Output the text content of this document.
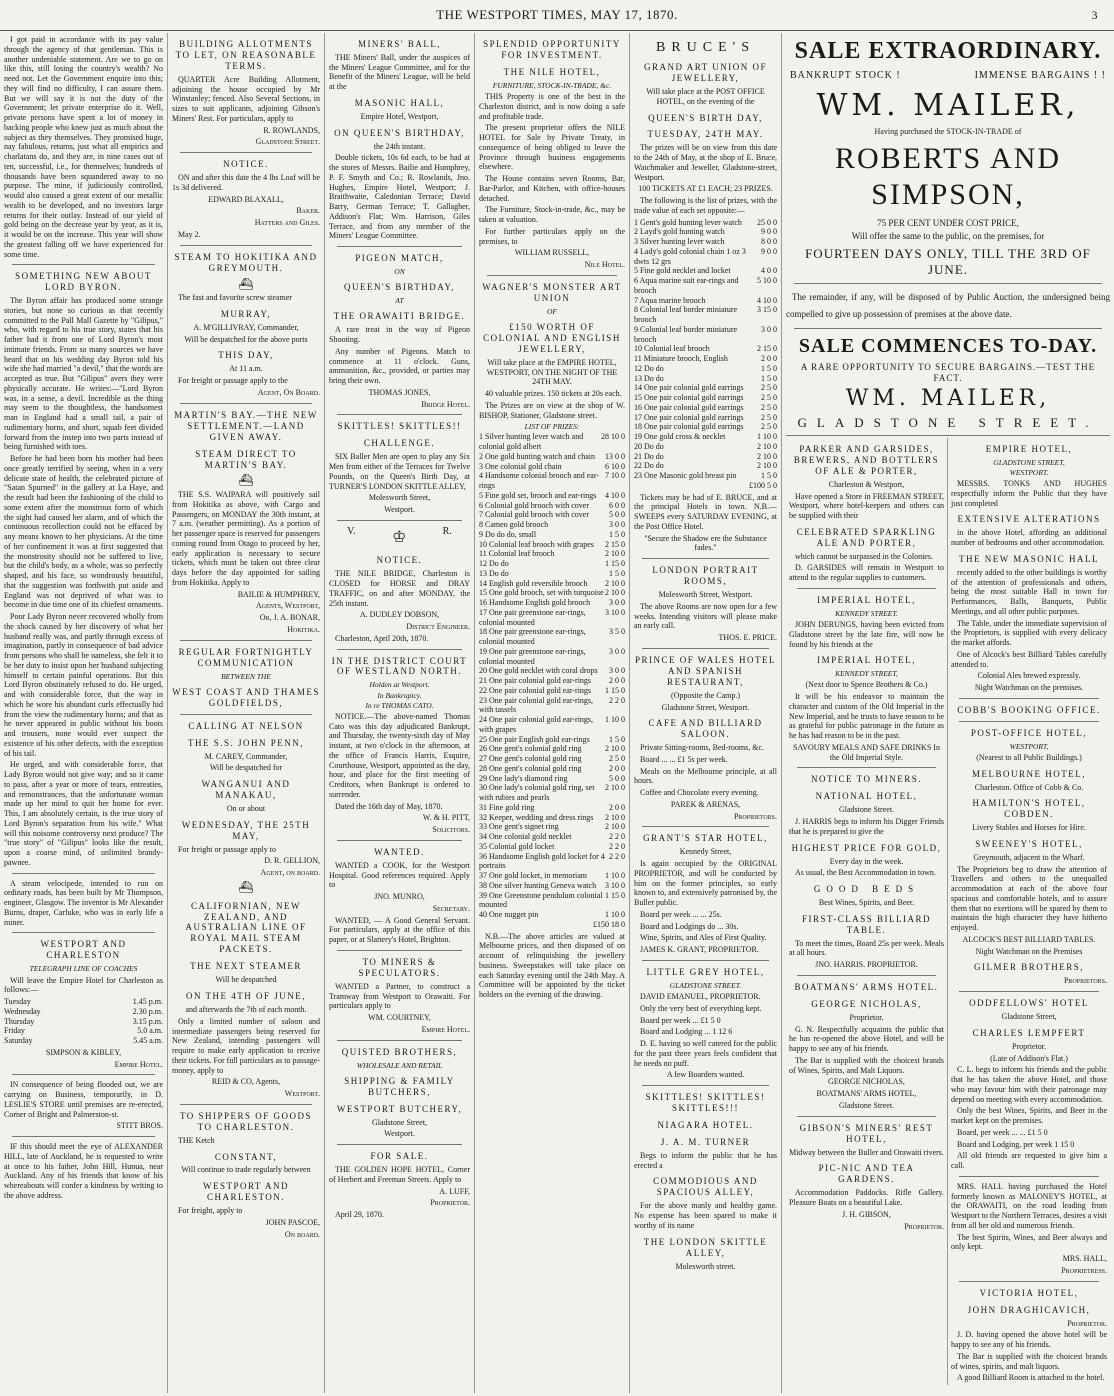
THE WESTPORT TIMES, MAY 17, 1870.	3

I got paid in accordance with its pay value through the agency of that gentleman. This is another undeniable statement. Are we to go on like this, still losing the country's wealth? No need not. Let the Government enquire into this; they will find no difficulty, I can assure them. But we will say it is not the duty of the Government; let private enterprise do it. Well, private persons have spent a lot of money in backing people who knew just as much about the subject as they themselves. They promised huge, nay fabulous, returns, just what all empirics and charlatans do, and they are, in nine cases out of ten, successful, i.e., for themselves; hundreds of thousands have been squandered away to no purpose. The mine, if judiciously controlled, would also caused a great extent of our metallic wealth to be developed, and no investors large returns for their outlay. Instead of our yield of gold being on the decrease year by year, as it is, it would be on the increase. This year will show the greatest falling off we have experienced for some time.

SOMETHING NEW ABOUT LORD BYRON.

The Byron affair has produced some strange stories, but none so curious as that recently committed to the Pall Mall Gazette by "Gilipus," who, with regard to his true story, states that his father had it from one of Lord Byron's most intimate friends. From so many sources we have heard that on his wedding day Byron told his wife she had married "a devil," that the words are accepted as true. But "Gilipus" avers they were physically accurate. He writes:—"Lord Byron was, in a sense, a devil. Incredible as the thing may seem to the thoughtless, the handsomest man in England had a small tail, a pair of rudimentary horns, and short, squab feet divided forward from the instep into two parts instead of being furnished with toes.

Before he had been born his mother had been once greatly terrified by seeing, when in a very delicate state of health, the celebrated picture of "Satan Spurned" in the gallery at La Haye, and the result had been the fashioning of the child to some extent after the monstrous form of which the sight had caused her alarm, and of which the continuous recollection could not be effaced by any means known to her physicians. At the time of her confinement it was at first suggested that the monstrosity should not be suffered to live, but the child's body, as a whole, was so perfectly shaped, and his face, so wondrously beautiful, that the suggestion was forthwith put aside and England was not deprived of what was to become in due time one of its chiefest ornaments.

Poor Lady Byron never recovered wholly from the shock caused by her discovery of what her husband really was, and partly through excess of imagination, partly in consequence of bad advice from persons who shall be nameless, she felt it to be her duty to insist upon her husband subjecting himself to certain painful operations. But this Lord Byron obstinately refused to do. He urged, and with considerable force, that the way in which he wore his abundant curls effectually hid from the view the rudimentary horns; and that as he never appeared in public without his boots and trousers, none would ever suspect the existence of his other defects, with the exception of his tail.

He urged, and with considerable force, that Lady Byron would not give way; and so it came to pass, after a year or more of tears, entreaties, and remonstrances, that the unfortunate woman made up her mind to quit her home for ever. This, I am absolutely certain, is the true story of Lord Byron's separation from his wife." What will this noisome controversy next produce? The "true story" of "Gilipus" looks like the result, upon a coarse mind, of unlimited brandy-pawnee.

A steam velocipede, intended to run on ordinary roads, has been built by Mr Thompson, engineer, Glasgow. The inventor is Mr Alexander Burns, draper, Carluke, who was in early life a miner.

WESTPORT AND CHARLESTON
TELEGRAPH LINE OF COACHES

Will leave the Empire Hotel for Charleston as follows:—

Tuesday	1.45 p.m.
Wednesday	2.30 p.m.
Thursday	3.15 p.m.
Friday	5.0 a.m.
Saturday	5.45 a.m.

SIMPSON & KIBLEY,

Empire Hotel.

IN consequence of being flooded out, we are carrying on Business, temporarily, in D. LESLIE'S STORE until premises are re-erected, Corner of Bright and Palmerston-st.

STITT BROS.

IF this should meet the eye of ALEXANDER HILL, late of Auckland, he is requested to write at once to his father, John Hill, Hunua, near Auckland. Any of his friends that know of his whereabouts will confer a kindness by writing to the above address.

BUILDING ALLOTMENTS TO LET, ON REASONABLE TERMS.

QUARTER Acre Building Allotment, adjoining the house occupied by Mr Winstanley; fenced. Also Several Sections, in sizes to suit applicants, adjoining Gibson's Miners' Rest. For particulars, apply to

R. ROWLANDS,

Gladstone Street.

NOTICE.

ON and after this date the 4 lbs Loaf will be 1s 3d delivered.

EDWARD BLAXALL,

Baker.

Hatters and Giles.

May 2.

STEAM TO HOKITIKA AND GREYMOUTH.
⛴

The fast and favorite screw steamer

MURRAY,

A. M'GILLIVRAY, Commander,

Will be despatched for the above ports

THIS DAY,

At 11 a.m.

For freight or passage apply to the

Agent, On Board.

MARTIN'S BAY.—THE NEW SETTLEMENT.—LAND GIVEN AWAY.
STEAM DIRECT TO MARTIN'S BAY.
⛴

THE S.S. WAIPARA will positively sail from Hokitika as above, with Cargo and Passengers, on MONDAY the 30th instant, at 7 a.m. (weather permitting). As a portion of her passenger space is reserved for passengers coming round from Otago to proceed by her, early application is necessary to secure tickets, which must be taken out three clear days before the day appointed for sailing from Hokitika. Apply to

BAILIE & HUMPHREY,

Agents, Westport,

Or, J. A. BONAR,

Hokitika.

REGULAR FORTNIGHTLY COMMUNICATION
BETWEEN THE
WEST COAST AND THAMES GOLDFIELDS,
CALLING AT NELSON
THE S.S. JOHN PENN,

M. CAREY, Commander,

Will be despatched for

WANGANUI AND MANAKAU,

On or about

WEDNESDAY, THE 25TH MAY,

For freight or passage apply to

D. R. GELLION,

Agent, on board.

⛴
CALIFORNIAN, NEW ZEALAND, AND AUSTRALIAN LINE OF ROYAL MAIL STEAM PACKETS.
THE NEXT STEAMER

Will be despatched

ON THE 4TH OF JUNE,

and afterwards the 7th of each month.

Only a limited number of saloon and intermediate passengers being reserved for New Zealand, intending passengers will require to make early application to receive their tickets. For full particulars as to passage-money, apply to

REID & CO, Agents,

Westport.

TO SHIPPERS OF GOODS TO CHARLESTON.

THE Ketch

CONSTANT,

Will continue to trade regularly between

WESTPORT AND CHARLESTON.

For freight, apply to

JOHN PASCOE,

On board.

MINERS' BALL,

THE Miners' Ball, under the auspices of the Miners' League Committee, and for the Benefit of the Miners' League, will be held at the

MASONIC HALL,

Empire Hotel, Westport,

ON QUEEN'S BIRTHDAY,

the 24th instant.

Double tickets, 10s 6d each, to be had at the stores of Messrs. Bailie and Humphrey, P. F. Smyth and Co.; R. Rowlands, Jno. Hughes, Empire Hotel, Westport; J. Braithwaite, Caledonian Terrace; David Barry, German Terrace; T. Gallagher, Addison's Flat; Wm. Harrison, Giles Terrace, and from any member of the Miners' League Committee.

PIGEON MATCH,
ON
QUEEN'S BIRTHDAY,
AT
THE ORAWAITI BRIDGE.

A rare treat in the way of Pigeon Shooting.

Any number of Pigeons. Match to commence at 11 o'clock. Guns, ammunition, &c., provided, or parties may bring their own.

THOMAS JONES,

Bridge Hotel.

SKITTLES! SKITTLES!!
CHALLENGE.

SIX Baller Men are open to play any Six Men from either of the Terraces for Twelve Pounds, on the Queen's Birth Day, at TURNER'S LONDON SKITTLE ALLEY,

Molesworth Street,

Westport.

V. ♔	R.
NOTICE.

THE NILE BRIDGE, Charleston is CLOSED for HORSE and DRAY TRAFFIC, on and after MONDAY, the 25th instant.

A. DUDLEY DOBSON,

District Engineer.

Charleston, April 20th, 1870.

IN THE DISTRICT COURT OF WESTLAND NORTH.
Holden at Westport.
In Bankruptcy.
In re THOMAS CATO.

NOTICE.—The above-named Thomas Cato was this day adjudicated Bankrupt, and Thursday, the twenty-sixth day of May instant, at two o'clock in the afternoon, at the office of Francis Harris, Esquire, Courthouse, Westport, appointed as the day, hour, and place for the first meeting of Creditors, when Bankrupt is ordered to surrender.

Dated the 16th day of May, 1870.

W. & H. PITT,

Solicitors.

WANTED.

WANTED a COOK, for the Westport Hospital. Good references required. Apply to

JNO. MUNRO,

Secretary.

WANTED, — A Good General Servant. For particulars, apply at the office of this paper, or at Slattery's Hotel, Brighton.

TO MINERS & SPECULATORS.

WANTED a Partner, to construct a Tramway from Westport to Orawaiti. For particulars apply to

WM. COURTNEY,

Empire Hotel.

QUISTED BROTHERS,
WHOLESALE AND RETAIL
SHIPPING & FAMILY BUTCHERS,
WESTPORT BUTCHERY,

Gladstone Street,

Westport.

FOR SALE.

THE GOLDEN HOPE HOTEL, Corner of Herbert and Freeman Streets. Apply to

A. LUFF,

Proprietor.

April 29, 1870.

SPLENDID OPPORTUNITY FOR INVESTMENT.
THE NILE HOTEL,
FURNITURE, STOCK-IN-TRADE, &c.

THIS Property is one of the best in the Charleston district, and is now doing a safe and profitable trade.

The present proprietor offers the NILE HOTEL for Sale by Private Treaty, in consequence of being obliged to leave the Province through business engagements elsewhere.

The House contains seven Rooms, Bar, Bar-Parlor, and Kitchen, with office-houses detached.

The Furniture, Stock-in-trade, &c., may be taken at valuation.

For further particulars apply on the premises, to

WILLIAM RUSSELL,

Nile Hotel.

WAGNER'S MONSTER ART UNION
OF
£150 WORTH OF COLONIAL AND ENGLISH JEWELLERY,

Will take place at the EMPIRE HOTEL, WESTPORT, ON THE NIGHT OF THE 24TH MAY.

40 valuable prizes. 150 tickets at 20s each.

The Prizes are on view at the shop of W. BISHOP, Stationer, Gladstone street.

LIST OF PRIZES:
1 Silver hunting lever watch and colonial gold albert
28 10 0
2 One gold hunting watch and chain 13 0 0
3 One colonial gold chain	6 10 0
4 Handsome colonial brooch and ear-rings
7 10 0
5 Fine gold set, brooch and ear-rings 4 10 0
6 Colonial gold brooch with cover	6 0 0
7 Colonial gold brooch with cover	5 0 0
8 Cameo gold brooch	3 0 0
9 Do do do, small	1 5 0
10 Colonial leaf brooch with grapes 2 15 0
11 Colonial leaf brooch	2 10 0
12 Do do	1 15 0
13 Do do	1 5 0
14 English gold reversible brooch 2 10 0
15 One gold brooch, set with turquoise 2 10 0
16 Handsome English gold brooch 3 0 0
17 One pair greenstone ear-rings, colonial mounted
3 10 0
18 One pair greenstone ear-rings, colonial mounted
3 5 0
19 One pair greenstone ear-rings, colonial mounted
3 0 0
20 One gold necklet with coral drops 3 0 0
21 One pair colonial gold ear-rings 2 0 0
22 One pair colonial gold ear-rings 1 15 0
23 One pair colonial gold ear-rings, with tassels
2 2 0
24 One pair colonial gold ear-rings, with grapes
1 10 0
25 One pair English gold ear-rings 1 5 0
26 One gent's colonial gold ring	2 10 0
27 One gent's colonial gold ring	2 5 0
28 One gent's colonial gold ring	2 0 0
29 One lady's diamond ring	5 0 0
30 One lady's colonial gold ring, set with rubies and pearls
2 10 0
31 Fine gold ring	2 0 0
32 Keeper, wedding and dress rings 2 10 0
33 One gent's signet ring	2 10 0
34 One colonial gold necklet	2 2 0
35 Colonial gold locket	2 2 0
36 Handsome English gold locket for 4 portraits
2 2 0
37 One gold locket, in memoriam 1 10 0
38 One silver hunting Geneva watch 3 10 0
39 One Greenstone pendulum colonial mounted
1 15 0
40 One nugget pin	1 10 0
£150 18 0

N.B.—The above articles are valued at Melbourne prices, and then disposed of on account of relinquishing the jewellery business. Sweepstakes will take place on each Saturday evening until the 24th May. A Committee will be appointed by the ticket holders on the evening of the drawing.

BRUCE'S
GRAND ART UNION OF JEWELLERY,

Will take place at the POST OFFICE HOTEL, on the evening of the

QUEEN'S BIRTH DAY,
TUESDAY, 24TH MAY.

The prizes will be on view from this date to the 24th of May, at the shop of E. Bruce, Watchmaker and Jeweller, Gladstone-street, Westport.

100 TICKETS AT £1 EACH; 23 PRIZES.

The following is the list of prizes, with the trade value of each set opposite:—

1 Gent's gold hunting lever watch 25 0 0
2 Layd's gold hunting watch	9 0 0
3 Silver hunting lever watch	8 0 0
4 Lady's gold colonial chain 1 oz 3 dwts 12 grs
9 0 0
5 Fine gold necklet and locket	4 0 0
6 Aqua marine suit ear-rings and brooch
5 10 0
7 Aqua marine brooch	4 10 0
8 Colonial leaf border miniature brooch
3 15 0
9 Colonial leaf border miniature brooch
3 0 0
10 Colonial leaf brooch	2 15 0
11 Miniature brooch, English	2 0 0
12 Do do	1 5 0
13 Do do	1 5 0
14 One pair colonial gold earrings 2 5 0
15 One pair colonial gold earrings 2 5 0
16 One pair colonial gold earrings 2 5 0
17 One pair colonial gold earrings 2 5 0
18 One pair colonial gold earrings 2 5 0
19 One gold cross & necklet	1 10 0
20 Do do	2 10 0
21 Do do	2 10 0
22 Do do	2 10 0
23 One Masonic gold breast pin	1 5 0
£100 5 0

Tickets may be had of E. BRUCE, and at the principal Hotels in town. N.B.—SWEEPS every SATURDAY EVENING, at the Post Office Hotel.

"Secure the Shadow ere the Substance fades."

LONDON PORTRAIT ROOMS,

Molesworth Street, Westport.

The above Rooms are now open for a few weeks. Intending visitors will please make an early call.

THOS. E. PRICE.

PRINCE OF WALES HOTEL AND SPANISH RESTAURANT,

(Opposite the Camp.)

Gladstone Street, Westport.

CAFE AND BILLIARD SALOON.

Private Sitting-rooms, Bed-rooms, &c.

Board ... ... £1 5s per week.

Meals on the Melbourne principle, at all hours.

Coffee and Chocolate every evening.

PAREK & ARENAS,

Proprietors.

GRANT'S STAR HOTEL,

Kennedy Street,

Is again occupied by the ORIGINAL PROPRIETOR, and will be conducted by him on the former principles, so early known to, and extensively patronised by, the Buller public.

Board per week ... ... 25s.

Board and Lodgings do ... 30s.

Wine, Spirits, and Ales of First Quality.

JAMES K. GRANT, PROPRIETOR.

LITTLE GREY HOTEL,
GLADSTONE STREET.

DAVID EMANUEL, PROPRIETOR.

Only the very best of everything kept.

Board per week ... £1 5 0

Board and Lodging ... 1 12 6

D. E. having so well catered for the public for the past three years feels confident that he needs no puff.

A few Boarders wanted.

SKITTLES! SKITTLES! SKITTLES!!!
NIAGARA HOTEL.
J. A. M. TURNER

Begs to inform the public that he has erected a

COMMODIOUS AND SPACIOUS ALLEY,

For the above manly and healthy game. No expense has been spared to make it worthy of its name

THE LONDON SKITTLE ALLEY,

Molesworth street.

SALE EXTRAORDINARY.
BANKRUPT STOCK !	IMMENSE BARGAINS ! !
WM. MAILER,

Having purchased the STOCK-IN-TRADE of

ROBERTS AND SIMPSON,

75 PER CENT UNDER COST PRICE,

Will offer the same to the public, on the premises, for

FOURTEEN DAYS ONLY, TILL THE 3RD OF JUNE.

The remainder, if any, will be disposed of by Public Auction, the undersigned being compelled to give up possession of premises at the above date.

SALE COMMENCES TO-DAY.

A RARE OPPORTUNITY TO SECURE BARGAINS.—TEST THE FACT.

WM. MAILER,
GLADSTONE STREET.
PARKER AND GARSIDES, BREWERS, AND BOTTLERS OF ALE & PORTER,

Charleston & Westport,

Have opened a Store in FREEMAN STREET, Westport, where hotel-keepers and others can be supplied with their

CELEBRATED SPARKLING ALE AND PORTER,

which cannot be surpassed in the Colonies.

D. GARSIDES will remain in Westport to attend to the regular supplies to customers.

IMPERIAL HOTEL,
KENNEDY STREET.

JOHN DERUNGS, having been evicted from Gladstone street by the late fire, will now be found by his friends at the

IMPERIAL HOTEL,
KENNEDY STREET,

(Next door to Spence Brothers & Co.)

It will be his endeavor to maintain the character and custom of the Old Imperial in the New Imperial, and he trusts to have reason to be as grateful for public patronage in the future as he has had reason to be in the past.

SAVOURY MEALS AND SAFE DRINKS In the Old Imperial Style.

NOTICE TO MINERS.
NATIONAL HOTEL,

Gladstone Street.

J. HARRIS begs to inform his Digger Friends that he is prepared to give the

HIGHEST PRICE FOR GOLD,

Every day in the week.

As usual, the Best Accommodation in town.

GOOD BEDS

Best Wines, Spirits, and Beer.

FIRST-CLASS BILLIARD TABLE.

To meet the times, Board 25s per week. Meals at all hours.

JNO. HARRIS. PROPRIETOR.

BOATMANS' ARMS HOTEL.
GEORGE NICHOLAS,

Proprietor.

G. N. Respectfully acquaints the public that he has re-opened the above Hotel, and will be happy to see any of his friends.

The Bar is supplied with the choicest brands of Wines, Spirits, and Malt Liquors.

GEORGE NICHOLAS,

BOATMANS' ARMS HOTEL,

Gladstone Street.

GIBSON'S MINERS' REST HOTEL,

Midway between the Buller and Orawaiti rivers.

PIC-NIC AND TEA GARDENS.

Accommodation Paddocks. Rifle Gallery. Pleasure Boats on a beautiful Lake.

J. H. GIBSON,

Proprietor.

EMPIRE HOTEL,
GLADSTONE STREET,
WESTPORT.

MESSRS. TONKS AND HUGHES respectfully inform the Public that they have just completed

EXTENSIVE ALTERATIONS

in the above Hotel, affording an additional number of bedrooms and other accommodation.

THE NEW MASONIC HALL

recently added to the other buildings is worthy of the attention of professionals and others, being the most suitable Hall in town for Performances, Balls, Banquets, Public Meetings, and all other public purposes.

The Table, under the immediate supervision of the Proprietors, is supplied with every delicacy the market affords.

One of Alcock's best Billiard Tables carefully attended to.

Colonial Ales brewed expressly.

Night Watchman on the premises.

COBB'S BOOKING OFFICE.
POST-OFFICE HOTEL,
WESTPORT,

(Nearest to all Public Buildings.)

MELBOURNE HOTEL,

Charleston. Office of Cobb & Co.

HAMILTON'S HOTEL, COBDEN.

Livery Stables and Horses for Hire.

SWEENEY'S HOTEL,

Greymouth, adjacent to the Wharf.

The Proprietors beg to draw the attention of Travellers and others to the unequalled accommodation at each of the above four spacious and comfortable hotels, and to assure them that no exertions will be spared by them to maintain the high character they have hitherto enjoyed.

ALCOCK'S BEST BILLIARD TABLES.

Night Watchman on the Premises

GILMER BROTHERS,

Proprietors.

ODDFELLOWS' HOTEL

Gladstone Street,

CHARLES LEMPFERT

Proprietor.

(Late of Addison's Flat.)

C. L. begs to inform his friends and the public that he has taken the above Hotel, and those who may favour him with their patronage may depend on meeting with every accommodation.

Only the best Wines, Spirits, and Beer in the market kept on the premises.

Board, per week ... ... £1 5 0

Board and Lodging, per week 1 15 0

All old friends are requested to give him a call.

MRS. HALL having purchased the Hotel formerly known as MALONEY'S HOTEL, at the ORAWAITI, on the road leading from Westport to the Northern Terraces, desires a visit from all her old and numerous friends.

The best Spirits, Wines, and Beer always and only kept.

MRS. HALL,

Proprietress.

VICTORIA HOTEL,
JOHN DRAGHICAVICH,

Proprietor.

J. D. having opened the above hotel will be happy to see any of his friends.

The Bar is supplied with the choicest brands of wines, spirits, and malt liquors.

A good Billiard Room is attached to the hotel.
